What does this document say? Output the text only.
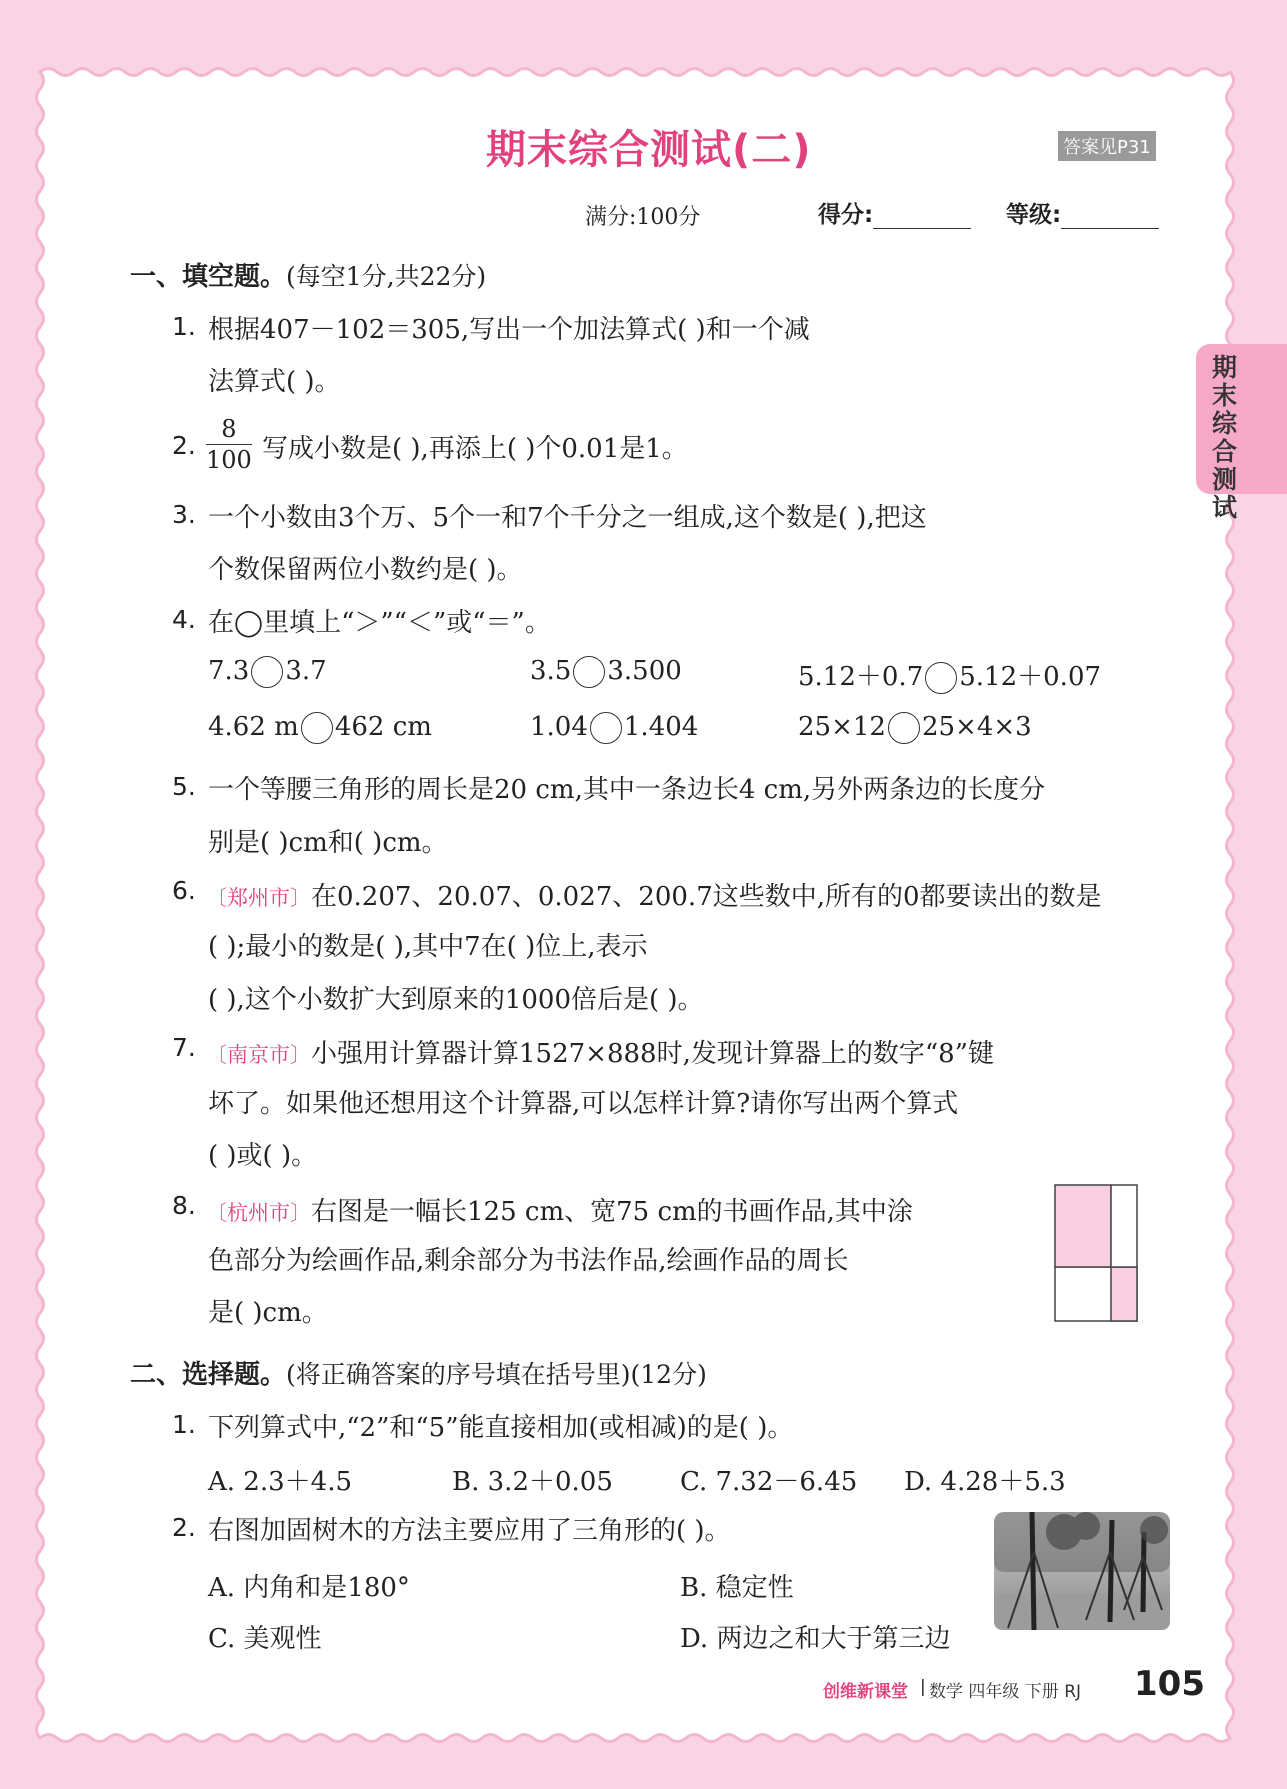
期末综合测试
期末综合测试(二)	答案见P31
满分:100分	得分:	等级:
一、填空题。(每空1分,共22分)
1. 根据407－102＝305,写出一个加法算式( )和一个减
法算式( )。
2. $\frac{8}{100}$ 写成小数是( ),再添上( )个0.01是1。
3. 一个小数由3个万、5个一和7个千分之一组成,这个数是( ),把这
个数保留两位小数约是( )。
4. 在◯里填上“＞”“＜”或“＝”。
7.3 3.7	3.5 3.500	5.12＋0.7 5.12＋0.07
4.62 m 462 cm	1.04 1.404	25×12 25×4×3
5. 一个等腰三角形的周长是20 cm,其中一条边长4 cm,另外两条边的长度分
别是( )cm和( )cm。
6. 〔郑州市〕在0.207、20.07、0.027、200.7这些数中,所有的0都要读出的数是
( );最小的数是( ),其中7在( )位上,表示
( ),这个小数扩大到原来的1000倍后是( )。
7. 〔南京市〕小强用计算器计算1527×888时,发现计算器上的数字“8”键
坏了。如果他还想用这个计算器,可以怎样计算?请你写出两个算式
( )或( )。
8. 〔杭州市〕右图是一幅长125 cm、宽75 cm的书画作品,其中涂
色部分为绘画作品,剩余部分为书法作品,绘画作品的周长
是( )cm。
二、选择题。(将正确答案的序号填在括号里)(12分)
1. 下列算式中,“2”和“5”能直接相加(或相减)的是( )。
A. 2.3＋4.5	B. 3.2＋0.05	C. 7.32－6.45 D. 4.28＋5.3
2. 右图加固树木的方法主要应用了三角形的( )。
A. 内角和是180°	B. 稳定性
C. 美观性	D. 两边之和大于第三边
创维新课堂 | 数学 四年级 下册 RJ 105
